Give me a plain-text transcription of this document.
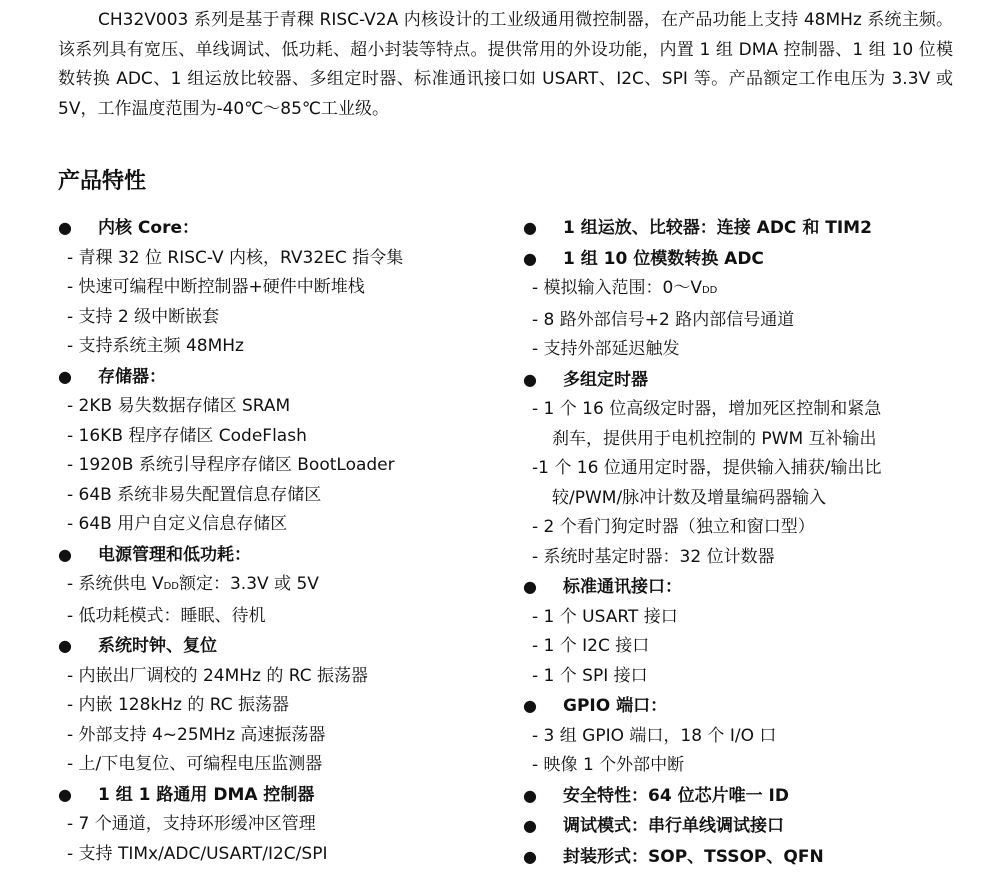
CH32V003 系列是基于青稞 RISC-V2A 内核设计的工业级通用微控制器，在产品功能上支持 48MHz 系统主频。该系列具有宽压、单线调试、低功耗、超小封装等特点。提供常用的外设功能，内置 1 组 DMA 控制器、1 组 10 位模数转换 ADC、1 组运放比较器、多组定时器、标准通讯接口如 USART、I2C、SPI 等。产品额定工作电压为 3.3V 或 5V，工作温度范围为-40℃～85℃工业级。

产品特性
● 内核 Core：
- 青稞 32 位 RISC-V 内核，RV32EC 指令集
- 快速可编程中断控制器+硬件中断堆栈
- 支持 2 级中断嵌套
- 支持系统主频 48MHz
● 存储器：
- 2KB 易失数据存储区 SRAM
- 16KB 程序存储区 CodeFlash
- 1920B 系统引导程序存储区 BootLoader
- 64B 系统非易失配置信息存储区
- 64B 用户自定义信息存储区
● 电源管理和低功耗：
- 系统供电 VDD额定：3.3V 或 5V
- 低功耗模式：睡眠、待机
● 系统时钟、复位
- 内嵌出厂调校的 24MHz 的 RC 振荡器
- 内嵌 128kHz 的 RC 振荡器
- 外部支持 4~25MHz 高速振荡器
- 上/下电复位、可编程电压监测器
● 1 组 1 路通用 DMA 控制器
- 7 个通道，支持环形缓冲区管理
- 支持 TIMx/ADC/USART/I2C/SPI
● 1 组运放、比较器：连接 ADC 和 TIM2
● 1 组 10 位模数转换 ADC
- 模拟输入范围：0～VDD
- 8 路外部信号+2 路内部信号通道
- 支持外部延迟触发
● 多组定时器
- 1 个 16 位高级定时器，增加死区控制和紧急
刹车，提供用于电机控制的 PWM 互补输出
-1 个 16 位通用定时器，提供输入捕获/输出比
较/PWM/脉冲计数及增量编码器输入
- 2 个看门狗定时器（独立和窗口型）
- 系统时基定时器：32 位计数器
● 标准通讯接口：
- 1 个 USART 接口
- 1 个 I2C 接口
- 1 个 SPI 接口
● GPIO 端口：
- 3 组 GPIO 端口，18 个 I/O 口
- 映像 1 个外部中断
● 安全特性：64 位芯片唯一 ID
● 调试模式：串行单线调试接口
● 封装形式：SOP、TSSOP、QFN
